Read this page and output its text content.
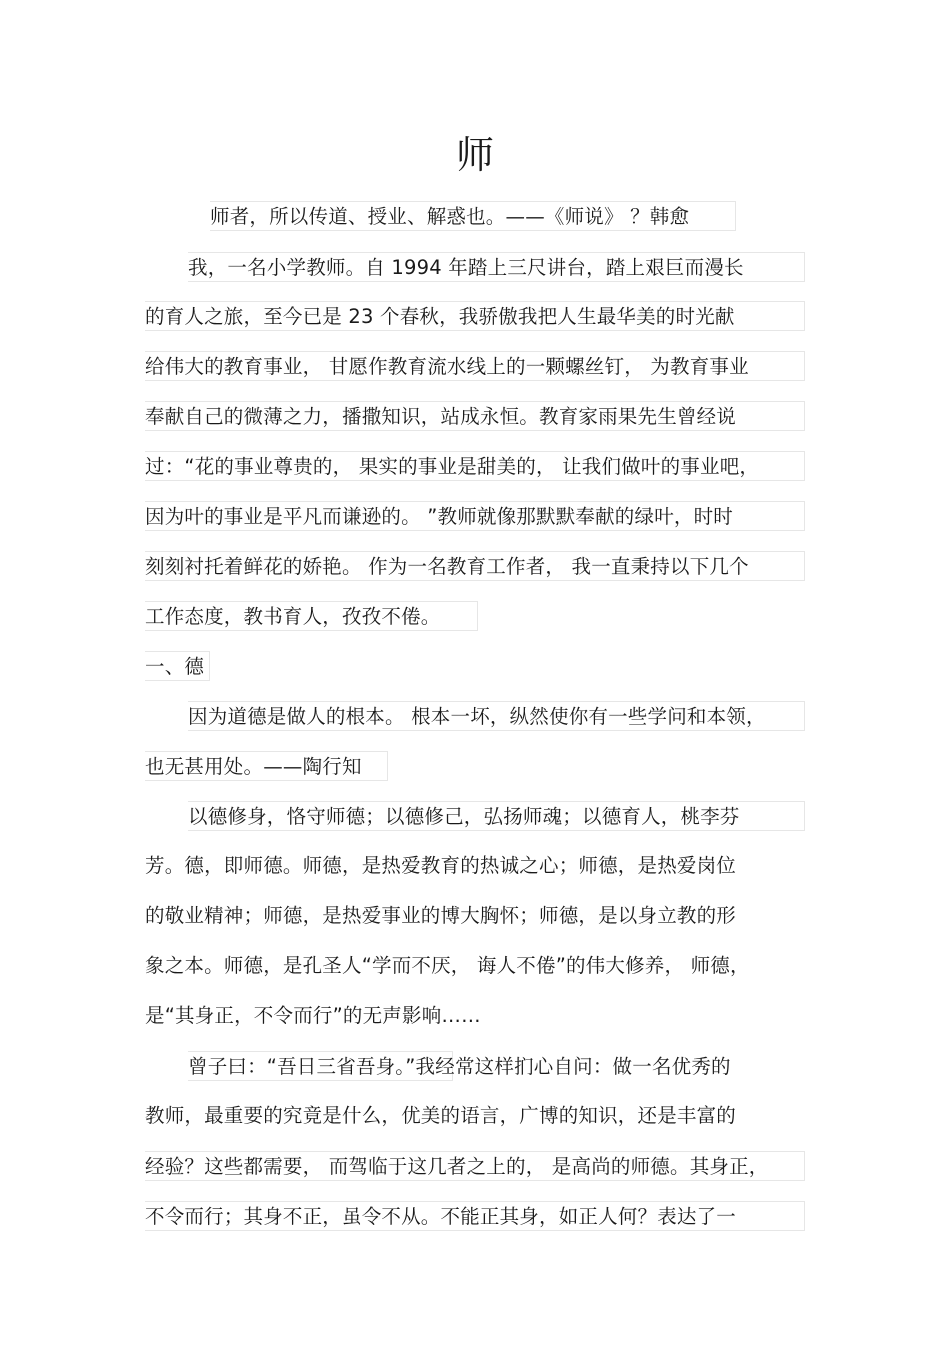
师
师者，所以传道、授业、解惑也。——《师说》 ？韩愈
我，一名小学教师。自 1994 年踏上三尺讲台，踏上艰巨而漫长
的育人之旅，至今已是 23 个春秋，我骄傲我把人生最华美的时光献
给伟大的教育事业， 甘愿作教育流水线上的一颗螺丝钉， 为教育事业
奉献自己的微薄之力，播撒知识，站成永恒。教育家雨果先生曾经说
过：“花的事业尊贵的， 果实的事业是甜美的， 让我们做叶的事业吧，
因为叶的事业是平凡而谦逊的。 ”教师就像那默默奉献的绿叶，时时
刻刻衬托着鲜花的娇艳。 作为一名教育工作者， 我一直秉持以下几个
工作态度，教书育人，孜孜不倦。
一、德
因为道德是做人的根本。 根本一坏，纵然使你有一些学问和本领，
也无甚用处。——陶行知
以德修身，恪守师德；以德修己，弘扬师魂；以德育人，桃李芬
芳。德，即师德。师德，是热爱教育的热诚之心；师德，是热爱岗位
的敬业精神；师德，是热爱事业的博大胸怀；师德，是以身立教的形
象之本。师德，是孔圣人“学而不厌， 诲人不倦”的伟大修养， 师德，
是“其身正，不令而行”的无声影响……
曾子曰：“吾日三省吾身。”我经常这样扪心自问：做一名优秀的
教师，最重要的究竟是什么，优美的语言，广博的知识，还是丰富的
经验？这些都需要， 而驾临于这几者之上的， 是高尚的师德。其身正，
不令而行；其身不正，虽令不从。不能正其身，如正人何？表达了一
